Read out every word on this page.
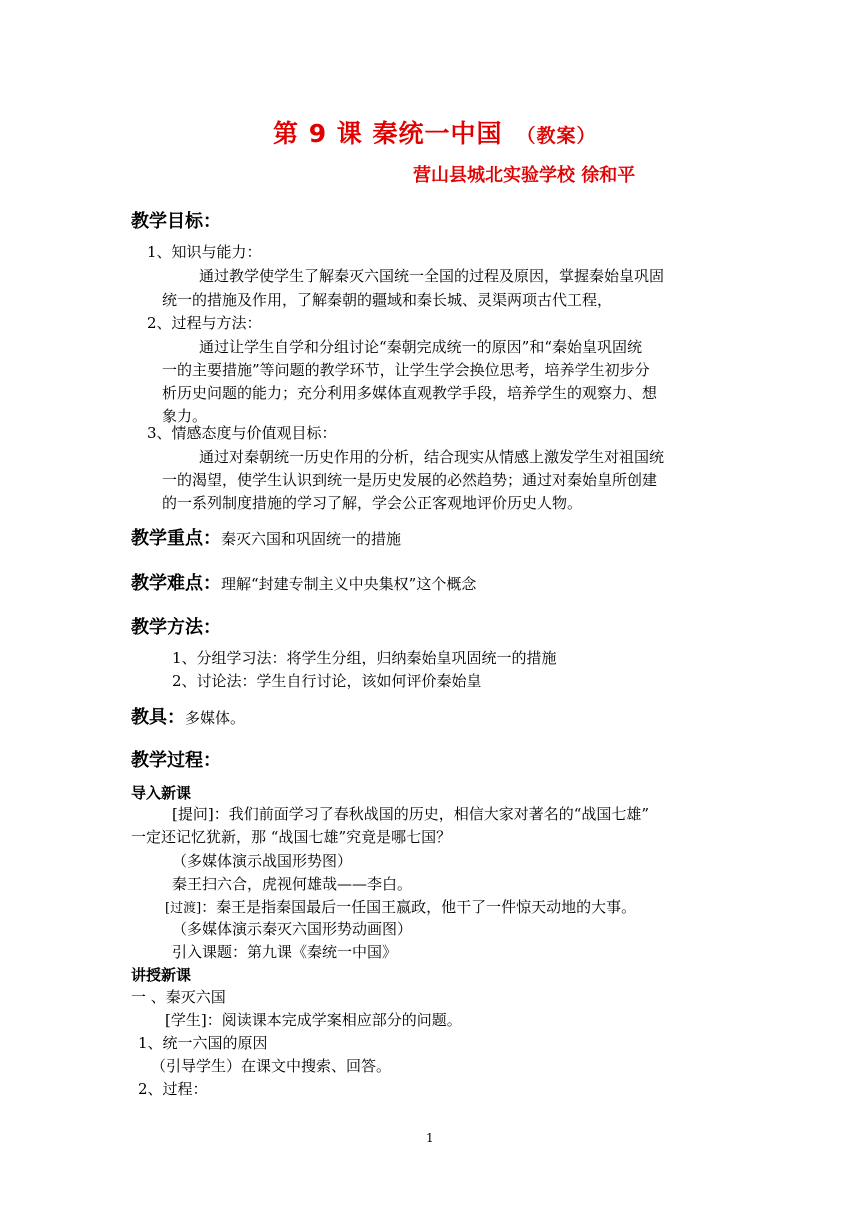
第 9 课 秦统一中国 （教案）
营山县城北实验学校 徐和平
教学目标：
1、知识与能力：
通过教学使学生了解秦灭六国统一全国的过程及原因，掌握秦始皇巩固
统一的措施及作用，了解秦朝的疆域和秦长城、灵渠两项古代工程，
2、过程与方法：
通过让学生自学和分组讨论“秦朝完成统一的原因”和“秦始皇巩固统
一的主要措施”等问题的教学环节，让学生学会换位思考，培养学生初步分
析历史问题的能力；充分利用多媒体直观教学手段，培养学生的观察力、想
象力。
3、情感态度与价值观目标：
通过对秦朝统一历史作用的分析，结合现实从情感上激发学生对祖国统
一的渴望，使学生认识到统一是历史发展的必然趋势；通过对秦始皇所创建
的一系列制度措施的学习了解，学会公正客观地评价历史人物。
教学重点：秦灭六国和巩固统一的措施
教学难点：理解“封建专制主义中央集权”这个概念
教学方法：
1、分组学习法：将学生分组，归纳秦始皇巩固统一的措施
2、讨论法：学生自行讨论，该如何评价秦始皇
教具：多媒体。
教学过程：
导入新课
[提问]：我们前面学习了春秋战国的历史，相信大家对著名的“战国七雄”
一定还记忆犹新，那 “战国七雄”究竟是哪七国？
（多媒体演示战国形势图）
秦王扫六合，虎视何雄哉——李白。
[过渡]：秦王是指秦国最后一任国王嬴政，他干了一件惊天动地的大事。
（多媒体演示秦灭六国形势动画图）
引入课题：第九课《秦统一中国》
讲授新课
一 、秦灭六国
[学生]：阅读课本完成学案相应部分的问题。
1、统一六国的原因
（引导学生）在课文中搜索、回答。
2、过程：
1
